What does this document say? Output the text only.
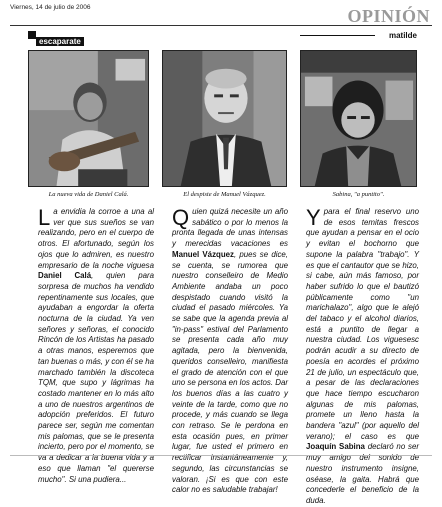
Viernes, 14 de julio de 2006	OPINIÓN
escaparate
matilde
La nueva vida de Daniel Calá.	El despiste de Manuel Vázquez.	Sabina, "a puntito".
La envidia la corroe a una al ver que sus sueños se van realizando, pero en el cuerpo de otros. El afortunado, según los ojos que lo admiren, es nuestro empresario de la noche viguesa Daniel Calá, quien para sorpresa de muchos ha vendido repentinamente sus locales, que ayudaban a engordar la oferta nocturna de la ciudad. Ya ven señores y señoras, el conocido Rincón de los Artistas ha pasado a otras manos, esperemos que tan buenas o más, y con él se ha marchado también la discoteca TQM, que supo y lágrimas ha costado mantener en lo más alto a uno de nuestros argentinos de adopción preferidos. El futuro parece ser, según me comentan mis palomas, que se le presenta incierto, pero por el momento, se va a dedicar a la buena vida y a eso que llaman "el quererse mucho". Si una pudiera...
Quien quizá necesite un año sabático o por lo menos la pronta llegada de unas intensas y merecidas vacaciones es Manuel Vázquez, pues se dice, se cuenta, se rumorea que nuestro conselleiro de Medio Ambiente andaba un poco despistado cuando visitó la ciudad el pasado miércoles. Ya se sabe que la agenda previa al "in-pass" estival del Parlamento se presenta cada año muy agitada, pero la bienvenida, queridos conselleiro, manifiesta el grado de atención con el que uno se persona en los actos. Dar los buenos días a las cuatro y veinte de la tarde, como que no procede, y más cuando se llega con retraso. Se le perdona en esta ocasión pues, en primer lugar, fue usted el primero en rectificar instantáneamente y, segundo, las circunstancias se valoran. ¡Si es que con este calor no es saludable trabajar!
Y para el final reservo uno de esos temitas frescos que ayudan a pensar en el ocio y evitan el bochorno que supone la palabra "trabajo". Y es que el cantautor que se hizo, si cabe, aún más famoso, por haber sufrido lo que el bautizó públicamente como "un marichalazo", algo que le alejó del tabaco y el alcohol diarios, está a puntito de llegar a nuestra ciudad. Los viguesesc podrán acudir a su directo de poesía en acordes el próximo 21 de julio, un espectáculo que, a pesar de las declaraciones que hace tiempo escucharon algunas de mis palomas, promete un lleno hasta la bandera "azul" (por aquello del verano); el caso es que Joaquín Sabina declaró no ser muy amigo del sonido de nuestro instrumento insigne, oséase, la gaita. Habrá que concederle el beneficio de la duda.
